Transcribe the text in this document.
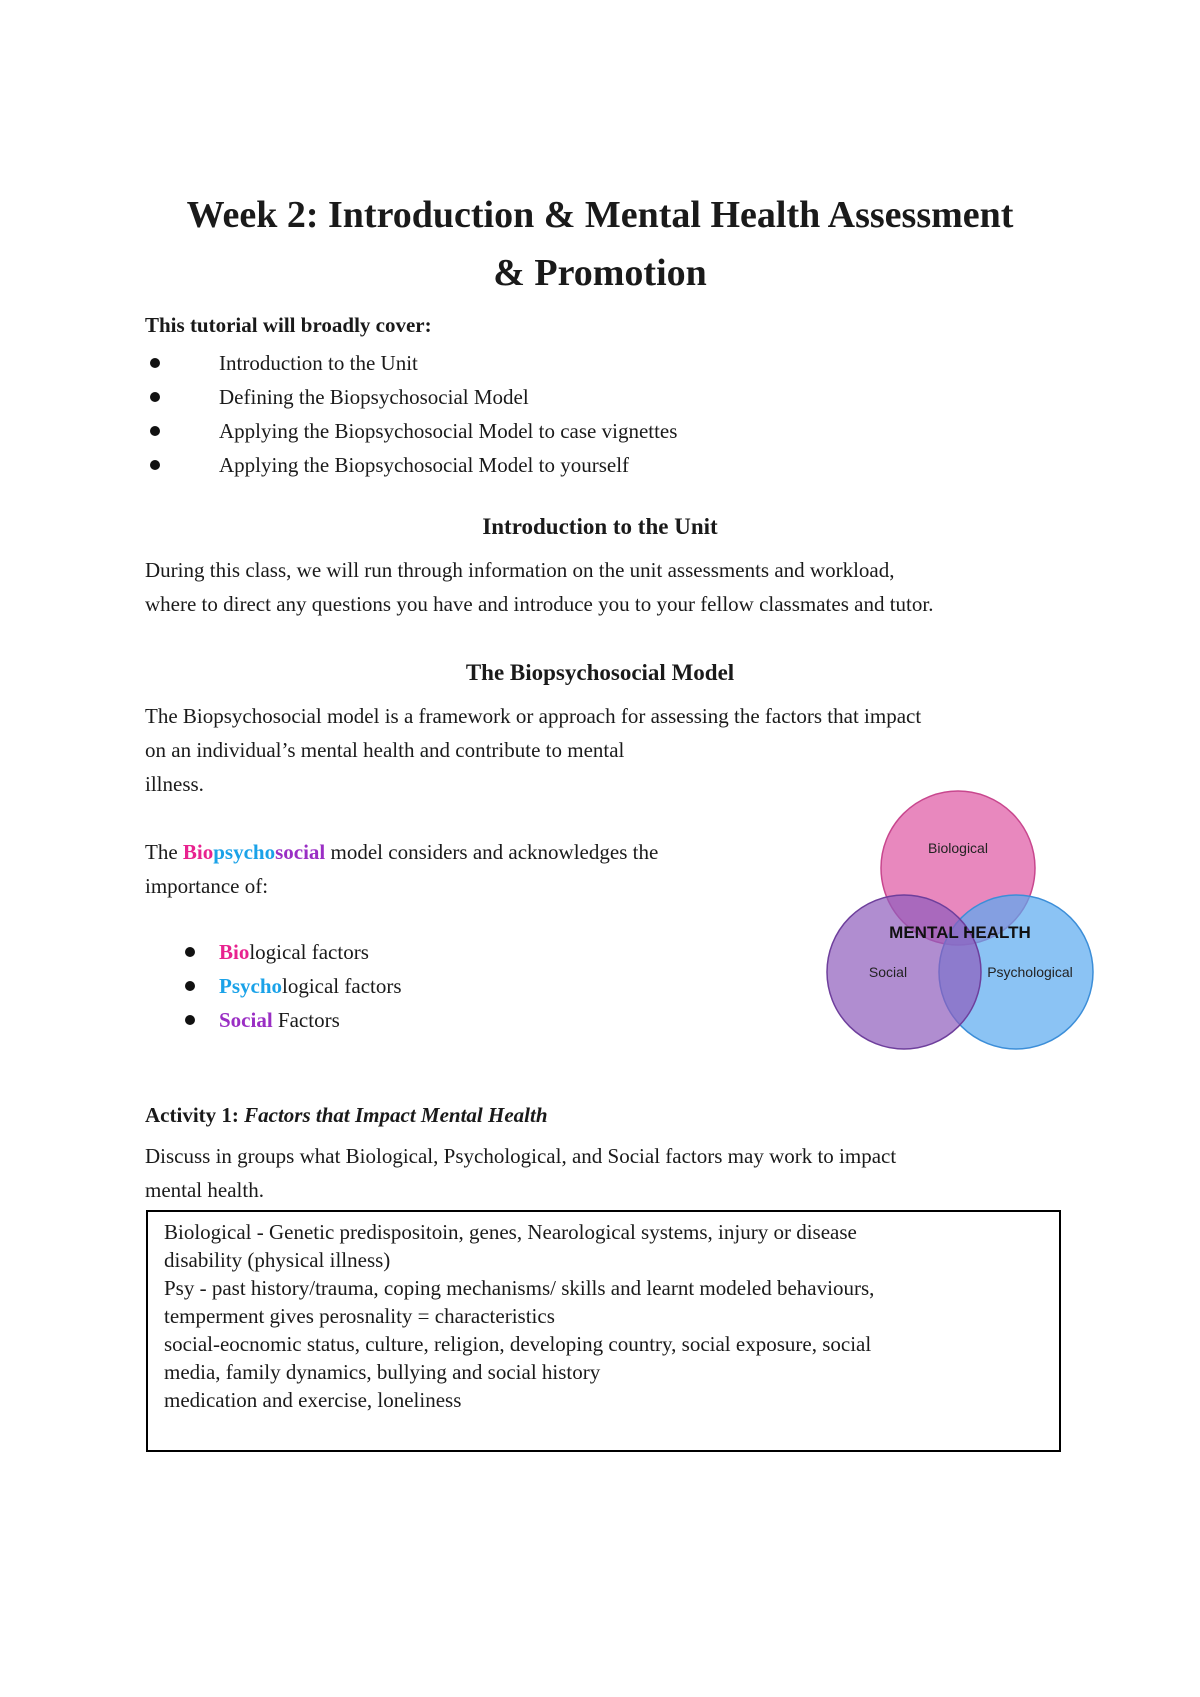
Week 2: Introduction & Mental Health Assessment
& Promotion
This tutorial will broadly cover:
Introduction to the Unit
Defining the Biopsychosocial Model
Applying the Biopsychosocial Model to case vignettes
Applying the Biopsychosocial Model to yourself
Introduction to the Unit
During this class, we will run through information on the unit assessments and workload,
where to direct any questions you have and introduce you to your fellow classmates and tutor.
The Biopsychosocial Model
The Biopsychosocial model is a framework or approach for assessing the factors that impact
on an individual’s mental health and contribute to mental
illness.
The Biopsychosocial model considers and acknowledges the
importance of:
Biological factors
Psychological factors
Social Factors
Biological
MENTAL HEALTH
Social	Psychological
Activity 1: Factors that Impact Mental Health
Discuss in groups what Biological, Psychological, and Social factors may work to impact
mental health.
Biological - Genetic predispositoin, genes, Nearological systems, injury or disease
disability (physical illness)
Psy - past history/trauma, coping mechanisms/ skills and learnt modeled behaviours,
temperment gives perosnality = characteristics
social-eocnomic status, culture, religion, developing country, social exposure, social
media, family dynamics, bullying and social history
medication and exercise, loneliness
